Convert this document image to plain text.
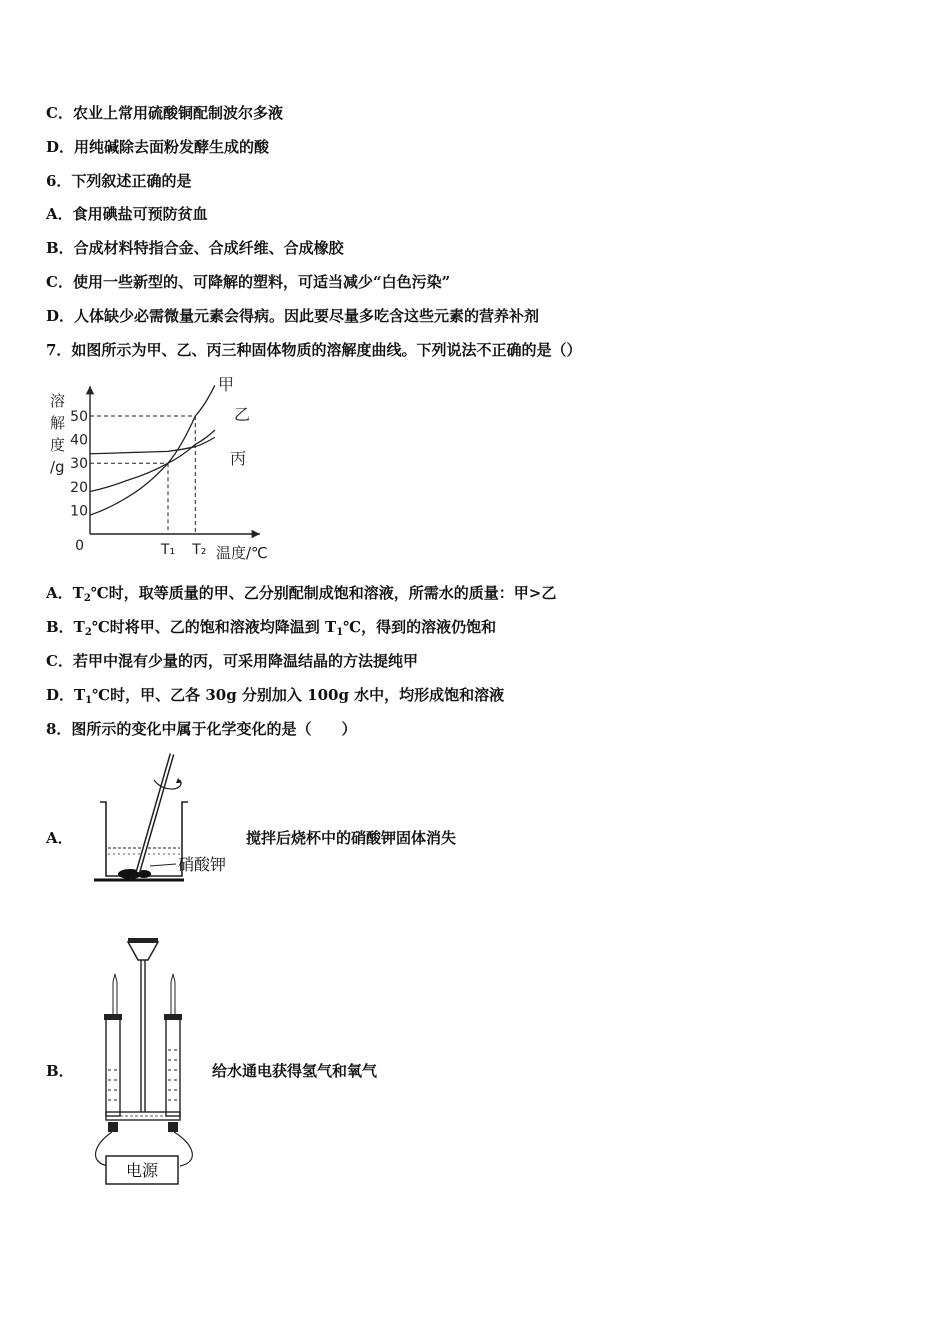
C．农业上常用硫酸铜配制波尔多液
D．用纯碱除去面粉发酵生成的酸
6．下列叙述正确的是
A．食用碘盐可预防贫血
B．合成材料特指合金、合成纤维、合成橡胶
C．使用一些新型的、可降解的塑料，可适当减少“白色污染”
D．人体缺少必需微量元素会得病。因此要尽量多吃含这些元素的营养补剂
7．如图所示为甲、乙、丙三种固体物质的溶解度曲线。下列说法不正确的是（）
溶
解
度
/g
10
20
30
40
50
0	T₁ T₂ 温度/℃
甲
乙
丙
A．$T_2℃$时，取等质量的甲、乙分别配制成饱和溶液，所需水的质量：甲>乙
B．$T_2℃$时将甲、乙的饱和溶液均降温到 $T_1℃$，得到的溶液仍饱和
C．若甲中混有少量的丙，可采用降温结晶的方法提纯甲
D．$T_1℃$时，甲、乙各 30g 分别加入 100g 水中，均形成饱和溶液
8．图所示的变化中属于化学变化的是（　　）
A．
硝酸钾
搅拌后烧杯中的硝酸钾固体消失
B．
电源
给水通电获得氢气和氧气
